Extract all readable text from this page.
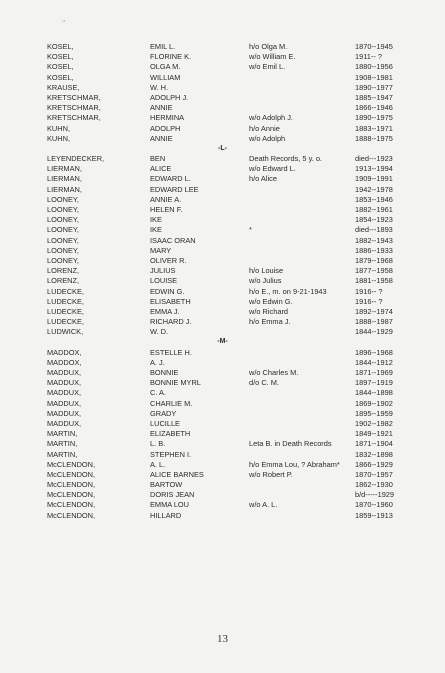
‘’
KOSEL,	EMIL L.	h/o Olga M.	1870--1945
KOSEL,	FLORINE K.	w/o William E.	1911-- ?
KOSEL,	OLGA M.	w/o Emil L.	1880--1956
KOSEL,	WILLIAM	1908--1981
KRAUSE,	W. H.	1890--1977
KRETSCHMAR,	ADOLPH J.	1885--1947
KRETSCHMAR,	ANNIE	1866--1946
KRETSCHMAR,	HERMINA	w/o Adolph J.	1890--1975
KUHN,	ADOLPH	h/o Annie	1883--1971
KUHN,	ANNIE	w/o Adolph	1888--1975
-L-
LEYENDECKER,	BEN	Death Records, 5 y. o.	died---1923
LIERMAN,	ALICE	w/o Edward L.	1913--1994
LIERMAN,	EDWARD L.	h/o Alice	1909--1991
LIERMAN,	EDWARD LEE	1942--1978
LOONEY,	ANNIE A.	1853--1946
LOONEY,	HELEN F.	1882--1961
LOONEY,	IKE	1854--1923
LOONEY,	IKE	*	died---1893
LOONEY,	ISAAC ORAN	1882--1943
LOONEY,	MARY	1886--1933
LOONEY,	OLIVER R.	1879--1968
LORENZ,	JULIUS	h/o Louise	1877--1958
LORENZ,	LOUISE	w/o Julius	1881--1958
LUDECKE,	EDWIN G.	h/o E., m. on 9-21-1943	1916-- ?
LUDECKE,	ELISABETH	w/o Edwin G.	1916-- ?
LUDECKE,	EMMA J.	w/o Richard	1892--1974
LUDECKE,	RICHARD J.	h/o Emma J.	1888--1987
LUDWICK,	W. D.	1844--1929
-M-
MADDOX,	ESTELLE H.	1896--1968
MADDOX,	A. J.	1844--1912
MADDUX,	BONNIE	w/o Charles M.	1871--1969
MADDUX,	BONNIE MYRL	d/o C. M.	1897--1919
MADDUX,	C. A.	1844--1898
MADDUX,	CHARLIE M.	1869--1902
MADDUX,	GRADY	1895--1959
MADDUX,	LUCILLE	1902--1982
MARTIN,	ELIZABETH	1849--1921
MARTIN,	L. B.	Leta B. in Death Records	1871--1904
MARTIN,	STEPHEN I.	1832--1898
McCLENDON,	A. L.	h/o Emma Lou, ? Abraham* 1866--1929
McCLENDON,	ALICE BARNES	w/o Robert P.	1870--1957
McCLENDON,	BARTOW	1862--1930
McCLENDON,	DORIS JEAN	b/d-----1929
McCLENDON,	EMMA LOU	w/o A. L.	1870--1960
McCLENDON,	HILLARD	1859--1913
13
